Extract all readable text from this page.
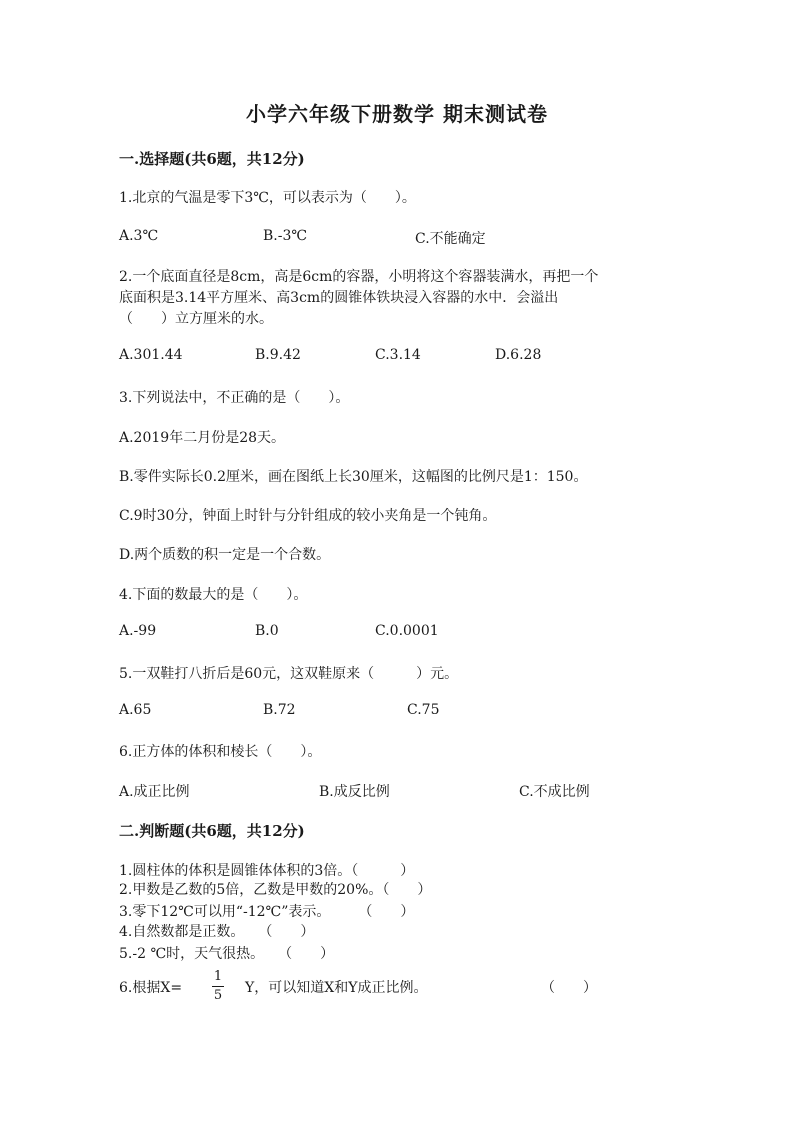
小学六年级下册数学 期末测试卷
一.选择题(共6题，共12分)
1.北京的气温是零下3℃，可以表示为（　　）。
A.3℃	B.-3℃	C.不能确定
2.一个底面直径是8cm，高是6cm的容器，小明将这个容器装满水，再把一个
底面积是3.14平方厘米、高3cm的圆锥体铁块浸入容器的水中．会溢出
（　　）立方厘米的水。
A.301.44	B.9.42	C.3.14	D.6.28
3.下列说法中，不正确的是（　　）。
A.2019年二月份是28天。
B.零件实际长0.2厘米，画在图纸上长30厘米，这幅图的比例尺是1：150。
C.9时30分，钟面上时针与分针组成的较小夹角是一个钝角。
D.两个质数的积一定是一个合数。
4.下面的数最大的是（　　）。
A.-99	B.0	C.0.0001
5.一双鞋打八折后是60元，这双鞋原来（　　　）元。
A.65	B.72	C.75
6.正方体的体积和棱长（　　）。
A.成正比例	B.成反比例	C.不成比例
二.判断题(共6题，共12分)
1.圆柱体的体积是圆锥体体积的3倍。（　　　）
2.甲数是乙数的5倍，乙数是甲数的20%。（　　）
3.零下12℃可以用“-12℃”表示。　　　（　　）
4.自然数都是正数。　　（　　）
5.-2 ℃时，天气很热。　　（　　）
6.根据X=
1
5 Y，可以知道X和Y成正比例。	（　　）
